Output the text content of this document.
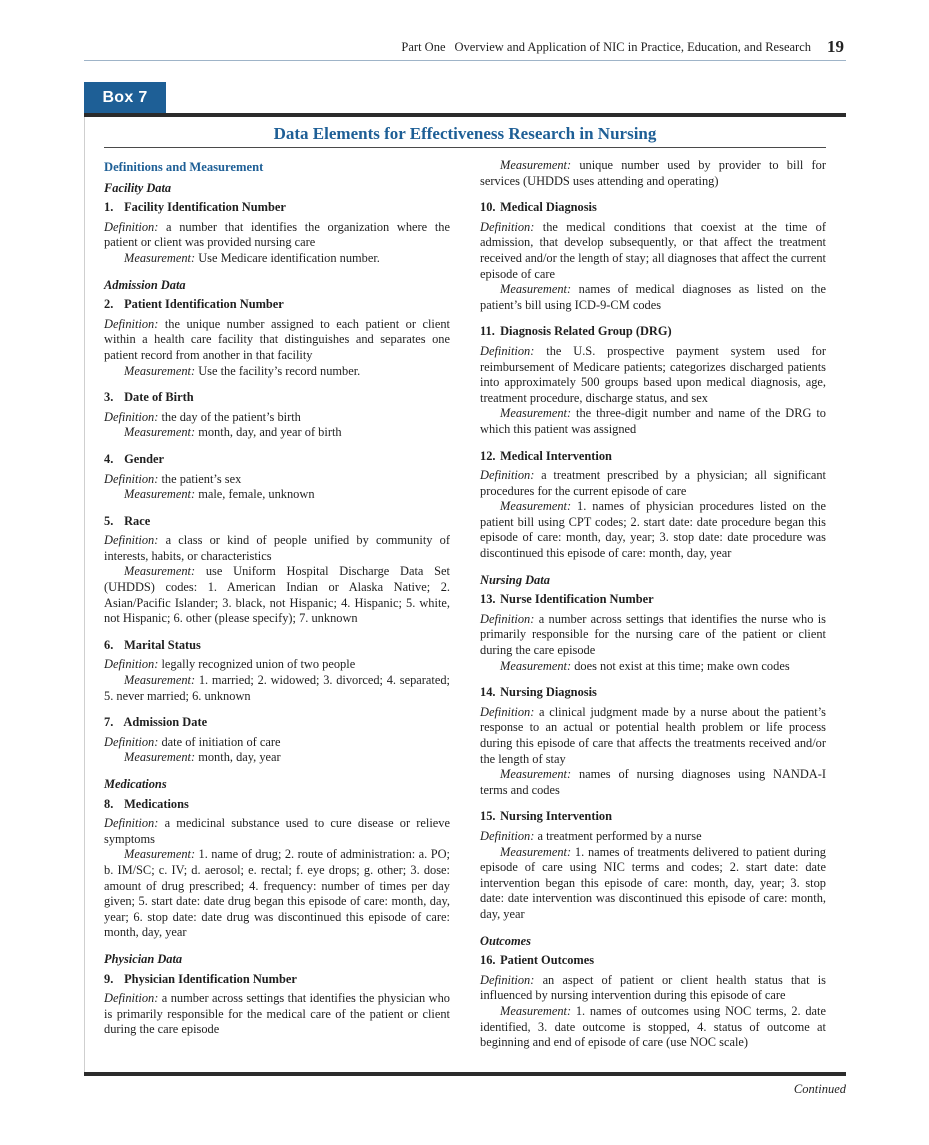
Part One Overview and Application of NIC in Practice, Education, and Research 19
Box 7
Data Elements for Effectiveness Research in Nursing
Definitions and Measurement
Facility Data
1. Facility Identification Number

Definition: a number that identifies the organization where the patient or client was provided nursing care

Measurement: Use Medicare identification number.

Admission Data
2. Patient Identification Number

Definition: the unique number assigned to each patient or client within a health care facility that distinguishes and separates one patient record from another in that facility

Measurement: Use the facility’s record number.

3. Date of Birth

Definition: the day of the patient’s birth

Measurement: month, day, and year of birth

4. Gender

Definition: the patient’s sex

Measurement: male, female, unknown

5. Race

Definition: a class or kind of people unified by community of interests, habits, or characteristics

Measurement: use Uniform Hospital Discharge Data Set (UHDDS) codes: 1. American Indian or Alaska Native; 2. Asian/Pacific Islander; 3. black, not Hispanic; 4. Hispanic; 5. white, not Hispanic; 6. other (please specify); 7. unknown

6. Marital Status

Definition: legally recognized union of two people

Measurement: 1. married; 2. widowed; 3. divorced; 4. separated; 5. never married; 6. unknown

7. Admission Date

Definition: date of initiation of care

Measurement: month, day, year

Medications
8. Medications

Definition: a medicinal substance used to cure disease or relieve symptoms

Measurement: 1. name of drug; 2. route of administration: a. PO; b. IM/SC; c. IV; d. aerosol; e. rectal; f. eye drops; g. other; 3. dose: amount of drug prescribed; 4. frequency: number of times per day given; 5. start date: date drug began this episode of care: month, day, year; 6. stop date: date drug was discontinued this episode of care: month, day, year

Physician Data
9. Physician Identification Number

Definition: a number across settings that identifies the physician who is primarily responsible for the medical care of the patient or client during the care episode

Measurement: unique number used by provider to bill for services (UHDDS uses attending and operating)

10. Medical Diagnosis

Definition: the medical conditions that coexist at the time of admission, that develop subsequently, or that affect the treatment received and/or the length of stay; all diagnoses that affect the current episode of care

Measurement: names of medical diagnoses as listed on the patient’s bill using ICD-9-CM codes

11. Diagnosis Related Group (DRG)

Definition: the U.S. prospective payment system used for reimbursement of Medicare patients; categorizes discharged patients into approximately 500 groups based upon medical diagnosis, age, treatment procedure, discharge status, and sex

Measurement: the three-digit number and name of the DRG to which this patient was assigned

12. Medical Intervention

Definition: a treatment prescribed by a physician; all significant procedures for the current episode of care

Measurement: 1. names of physician procedures listed on the patient bill using CPT codes; 2. start date: date procedure began this episode of care: month, day, year; 3. stop date: date procedure was discontinued this episode of care: month, day, year

Nursing Data
13. Nurse Identification Number

Definition: a number across settings that identifies the nurse who is primarily responsible for the nursing care of the patient or client during the care episode

Measurement: does not exist at this time; make own codes

14. Nursing Diagnosis

Definition: a clinical judgment made by a nurse about the patient’s response to an actual or potential health problem or life process during this episode of care that affects the treatments received and/or the length of stay

Measurement: names of nursing diagnoses using NANDA-I terms and codes

15. Nursing Intervention

Definition: a treatment performed by a nurse

Measurement: 1. names of treatments delivered to patient during episode of care using NIC terms and codes; 2. start date: date intervention began this episode of care: month, day, year; 3. stop date: date intervention was discontinued this episode of care: month, day, year

Outcomes
16. Patient Outcomes

Definition: an aspect of patient or client health status that is influenced by nursing intervention during this episode of care

Measurement: 1. names of outcomes using NOC terms, 2. date identified, 3. date outcome is stopped, 4. status of outcome at beginning and end of episode of care (use NOC scale)

Continued
